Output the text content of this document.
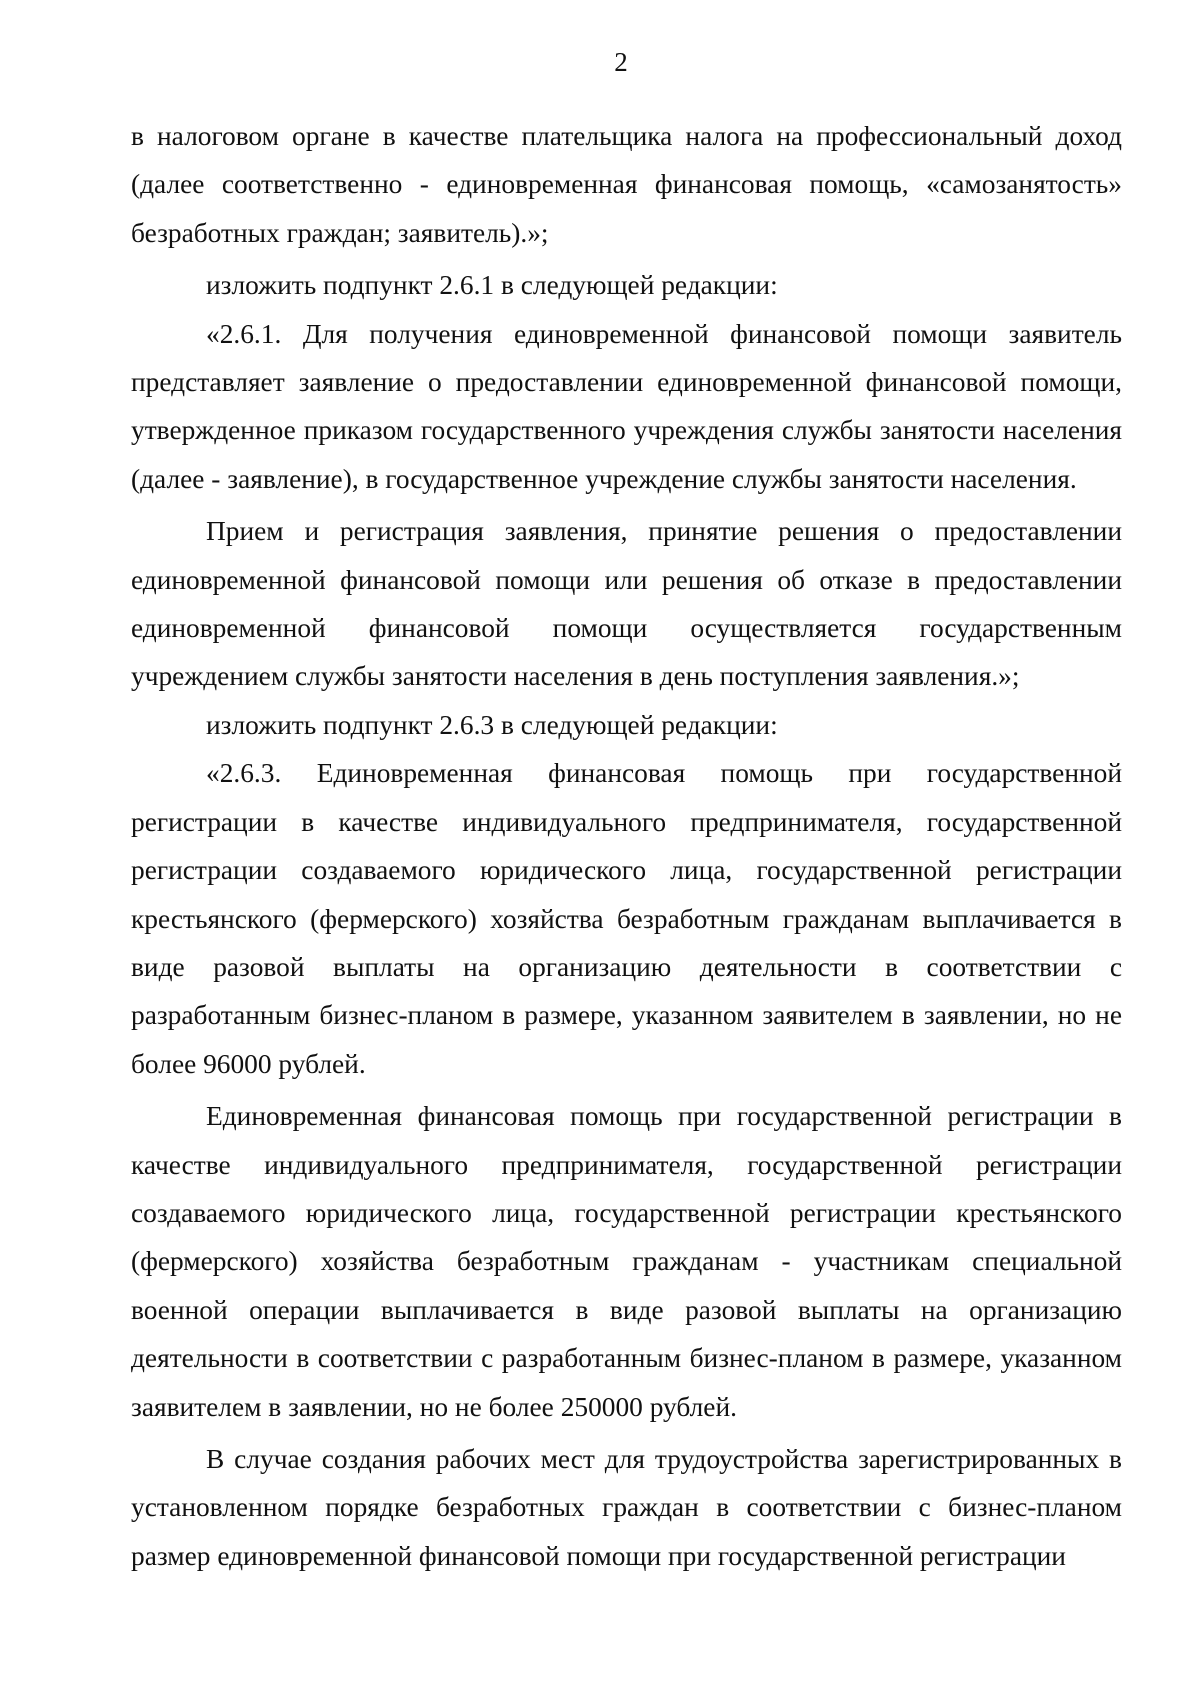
2

в налоговом органе в качестве плательщика налога на профессиональный доход (далее соответственно - единовременная финансовая помощь, «самозанятость» безработных граждан; заявитель).»;

изложить подпункт 2.6.1 в следующей редакции:

«2.6.1. Для получения единовременной финансовой помощи заявитель представляет заявление о предоставлении единовременной финансовой помощи, утвержденное приказом государственного учреждения службы занятости населения (далее - заявление), в государственное учреждение службы занятости населения.

Прием и регистрация заявления, принятие решения о предоставлении единовременной финансовой помощи или решения об отказе в предоставлении единовременной финансовой помощи осуществляется государственным учреждением службы занятости населения в день поступления заявления.»;

изложить подпункт 2.6.3 в следующей редакции:

«2.6.3. Единовременная финансовая помощь при государственной регистрации в качестве индивидуального предпринимателя, государственной регистрации создаваемого юридического лица, государственной регистрации крестьянского (фермерского) хозяйства безработным гражданам выплачивается в виде разовой выплаты на организацию деятельности в соответствии с разработанным бизнес-планом в размере, указанном заявителем в заявлении, но не более 96000 рублей.

Единовременная финансовая помощь при государственной регистрации в качестве индивидуального предпринимателя, государственной регистрации создаваемого юридического лица, государственной регистрации крестьянского (фермерского) хозяйства безработным гражданам - участникам специальной военной операции выплачивается в виде разовой выплаты на организацию деятельности в соответствии с разработанным бизнес-планом в размере, указанном заявителем в заявлении, но не более 250000 рублей.

В случае создания рабочих мест для трудоустройства зарегистрированных в установленном порядке безработных граждан в соответствии с бизнес-планом размер единовременной финансовой помощи при государственной регистрации
